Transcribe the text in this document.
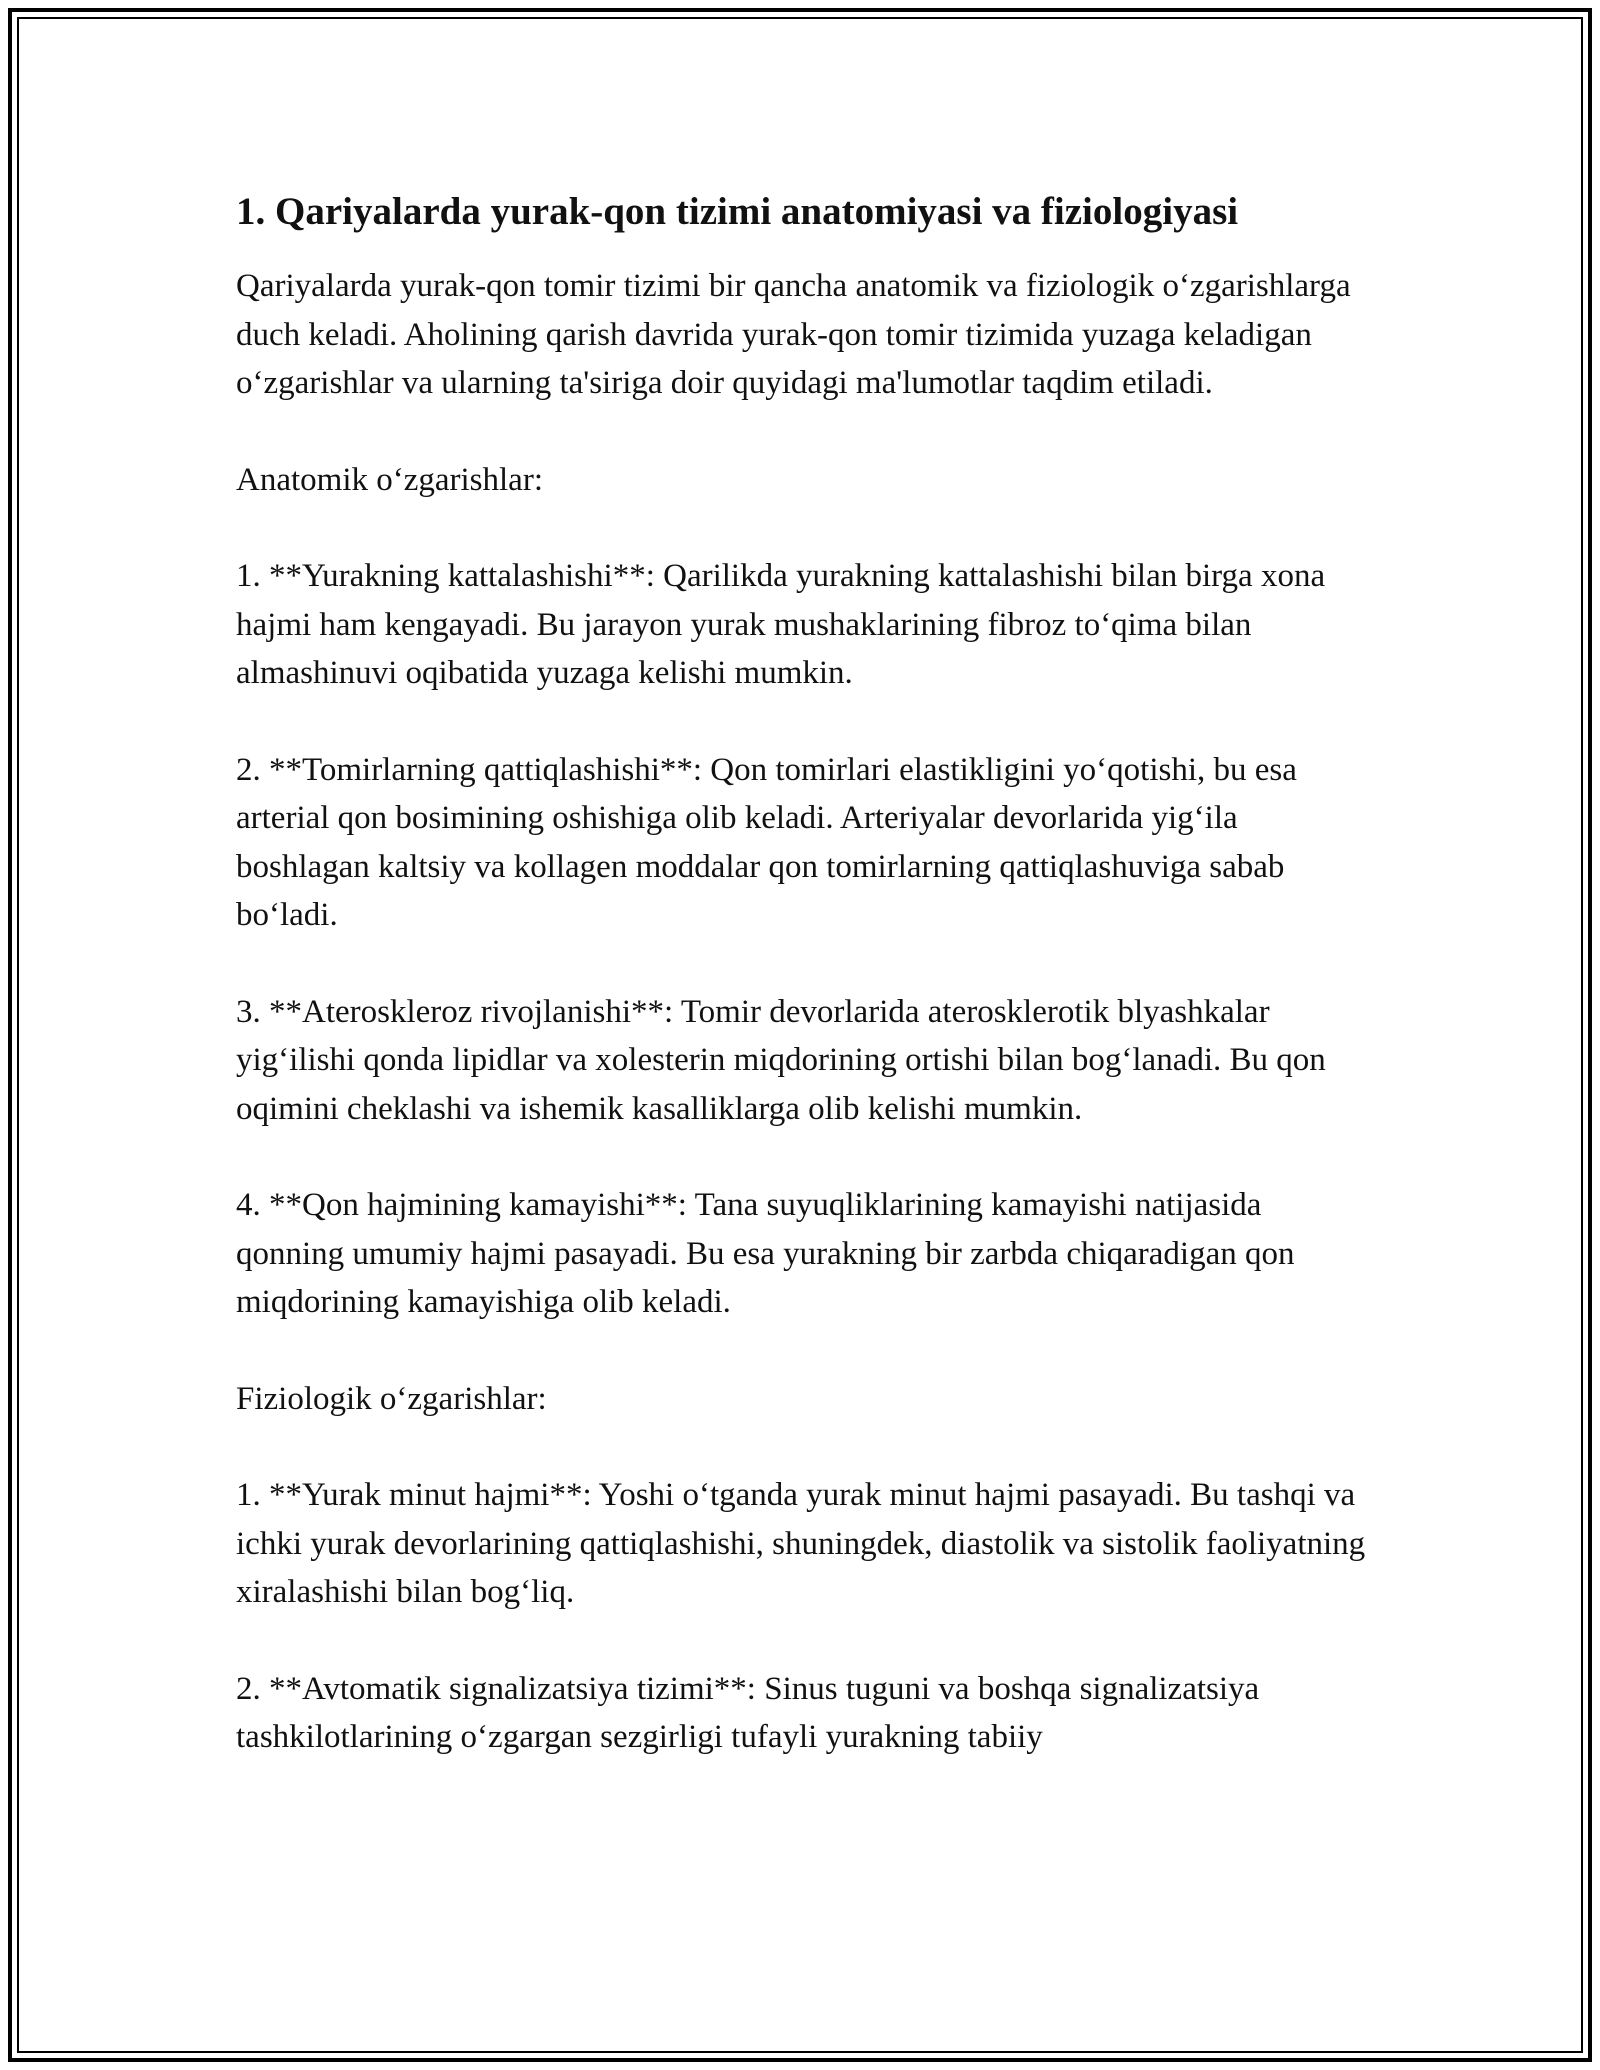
1. Qariyalarda yurak-qon tizimi anatomiyasi va fiziologiyasi

Qariyalarda yurak-qon tomir tizimi bir qancha anatomik va fiziologik o‘zgarishlarga duch keladi. Aholining qarish davrida yurak-qon tomir tizimida yuzaga keladigan o‘zgarishlar va ularning ta'siriga doir quyidagi ma'lumotlar taqdim etiladi.

Anatomik o‘zgarishlar:

1. **Yurakning kattalashishi**: Qarilikda yurakning kattalashishi bilan birga xona hajmi ham kengayadi. Bu jarayon yurak mushaklarining fibroz to‘qima bilan almashinuvi oqibatida yuzaga kelishi mumkin.

2. **Tomirlarning qattiqlashishi**: Qon tomirlari elastikligini yo‘qotishi, bu esa arterial qon bosimining oshishiga olib keladi. Arteriyalar devorlarida yig‘ila boshlagan kaltsiy va kollagen moddalar qon tomirlarning qattiqlashuviga sabab bo‘ladi.

3. **Ateroskleroz rivojlanishi**: Tomir devorlarida aterosklerotik blyashkalar yig‘ilishi qonda lipidlar va xolesterin miqdorining ortishi bilan bog‘lanadi. Bu qon oqimini cheklashi va ishemik kasalliklarga olib kelishi mumkin.

4. **Qon hajmining kamayishi**: Tana suyuqliklarining kamayishi natijasida qonning umumiy hajmi pasayadi. Bu esa yurakning bir zarbda chiqaradigan qon miqdorining kamayishiga olib keladi.

Fiziologik o‘zgarishlar:

1. **Yurak minut hajmi**: Yoshi o‘tganda yurak minut hajmi pasayadi. Bu tashqi va ichki yurak devorlarining qattiqlashishi, shuningdek, diastolik va sistolik faoliyatning xiralashishi bilan bog‘liq.

2. **Avtomatik signalizatsiya tizimi**: Sinus tuguni va boshqa signalizatsiya tashkilotlarining o‘zgargan sezgirligi tufayli yurakning tabiiy
